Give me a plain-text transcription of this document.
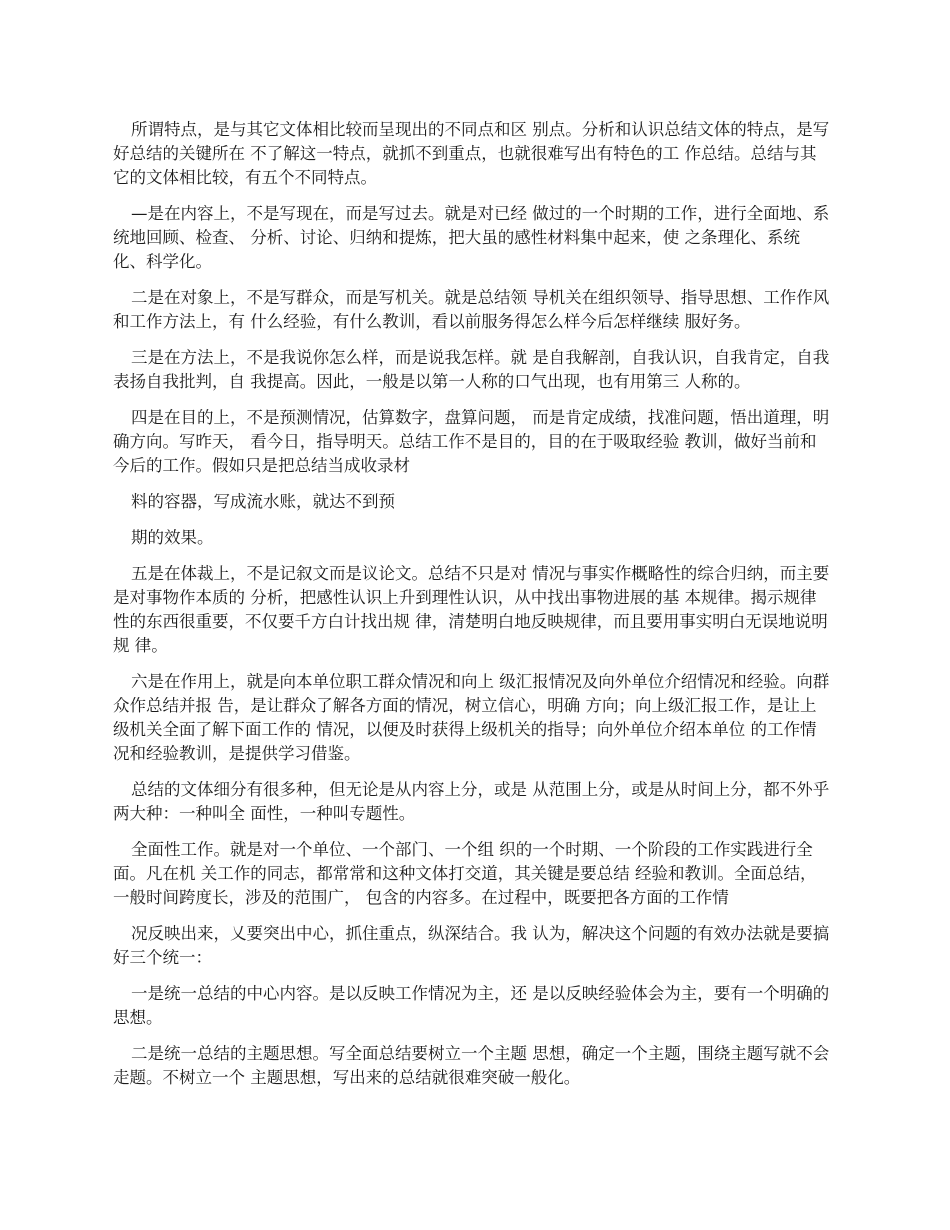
所谓特点，是与其它文体相比较而呈现出的不同点和区 别点。分析和认识总结文体的特点，是写好总结的关键所在 不了解这一特点，就抓不到重点，也就很难写出有特色的工 作总结。总结与其它的文体相比较，有五个不同特点。

—是在内容上，不是写现在，而是写过去。就是对已经 做过的一个时期的工作，进行全面地、系统地回顾、检查、 分析、讨论、归纳和提炼，把大虽的感性材料集中起来，使 之条理化、系统化、科学化。

二是在对象上，不是写群众，而是写机关。就是总结领 导机关在组织领导、指导思想、工作作风和工作方法上，有 什么经验，有什么教训，看以前服务得怎么样今后怎样继续 服好务。

三是在方法上，不是我说你怎么样，而是说我怎样。就 是自我解剖，自我认识，自我肯定，自我表扬自我批判，自 我提高。因此，一般是以第一人称的口气出现，也有用第三 人称的。

四是在目的上，不是预测情况，估算数字，盘算问题， 而是肯定成绩，找准问题，悟出道理，明确方向。写昨天， 看今日，指导明天。总结工作不是目的，目的在于吸取经验 教训，做好当前和今后的工作。假如只是把总结当成收录材

料的容器，写成流水账，就达不到预

期的效果。

五是在体裁上，不是记叙文而是议论文。总结不只是对 情况与事实作概略性的综合归纳，而主要是对事物作本质的 分析，把感性认识上升到理性认识，从中找出事物进展的基 本规律。揭示规律性的东西很重要，不仅要千方白计找出规 律，清楚明白地反映规律，而且要用事实明白无误地说明规 律。

六是在作用上，就是向本单位职工群众情况和向上 级汇报情况及向外单位介绍情况和经验。向群众作总结并报 告，是让群众了解各方面的情况，树立信心，明确 方向；向上级汇报工作，是让上级机关全面了解下面工作的 情况，以便及时获得上级机关的指导；向外单位介绍本单位 的工作情况和经验教训，是提供学习借鉴。

总结的文体细分有很多种，但无论是从内容上分，或是 从范围上分，或是从时间上分，都不外乎两大种：一种叫全 面性，一种叫专题性。

全面性工作。就是对一个单位、一个部门、一个组 织的一个时期、一个阶段的工作实践进行全面。凡在机 关工作的同志，都常常和这种文体打交道，其关键是要总结 经验和教训。全面总结，一般时间跨度长，涉及的范围广， 包含的内容多。在过程中，既要把各方面的工作情

况反映出来，乂要突出中心，抓住重点，纵深结合。我 认为，解决这个问题的有效办法就是要搞好三个统一：

一是统一总结的中心内容。是以反映工作情况为主，还 是以反映经验体会为主，要有一个明确的思想。

二是统一总结的主题思想。写全面总结要树立一个主题 思想，确定一个主题，围绕主题写就不会走题。不树立一个 主题思想，写出来的总结就很难突破一般化。
